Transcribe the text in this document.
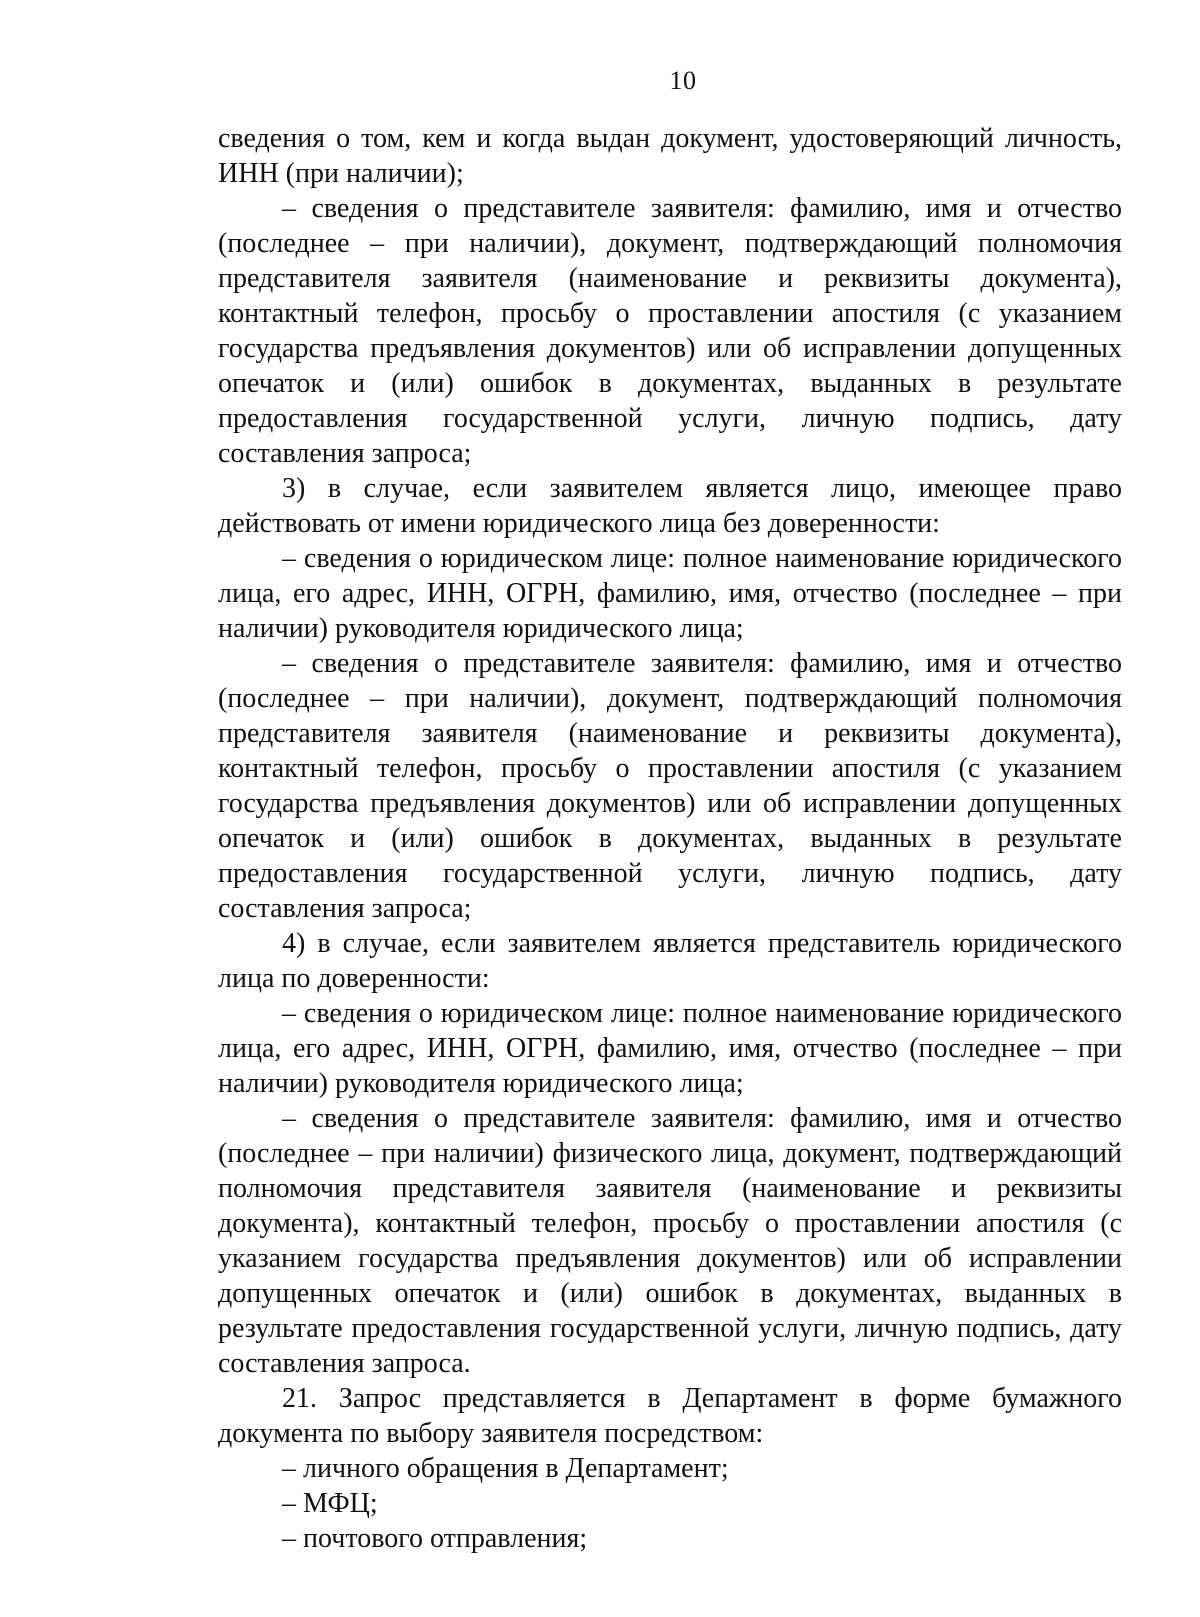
10

сведения о том, кем и когда выдан документ, удостоверяющий личность, ИНН (при наличии);

– сведения о представителе заявителя: фамилию, имя и отчество (последнее – при наличии), документ, подтверждающий полномочия представителя заявителя (наименование и реквизиты документа), контактный телефон, просьбу о проставлении апостиля (с указанием государства предъявления документов) или об исправлении допущенных опечаток и (или) ошибок в документах, выданных в результате предоставления государственной услуги, личную подпись, дату составления запроса;

3) в случае, если заявителем является лицо, имеющее право действовать от имени юридического лица без доверенности:

– сведения о юридическом лице: полное наименование юридического лица, его адрес, ИНН, ОГРН, фамилию, имя, отчество (последнее – при наличии) руководителя юридического лица;

– сведения о представителе заявителя: фамилию, имя и отчество (последнее – при наличии), документ, подтверждающий полномочия представителя заявителя (наименование и реквизиты документа), контактный телефон, просьбу о проставлении апостиля (с указанием государства предъявления документов) или об исправлении допущенных опечаток и (или) ошибок в документах, выданных в результате предоставления государственной услуги, личную подпись, дату составления запроса;

4) в случае, если заявителем является представитель юридического лица по доверенности:

– сведения о юридическом лице: полное наименование юридического лица, его адрес, ИНН, ОГРН, фамилию, имя, отчество (последнее – при наличии) руководителя юридического лица;

– сведения о представителе заявителя: фамилию, имя и отчество (последнее – при наличии) физического лица, документ, подтверждающий полномочия представителя заявителя (наименование и реквизиты документа), контактный телефон, просьбу о проставлении апостиля (с указанием государства предъявления документов) или об исправлении допущенных опечаток и (или) ошибок в документах, выданных в результате предоставления государственной услуги, личную подпись, дату составления запроса.

21. Запрос представляется в Департамент в форме бумажного документа по выбору заявителя посредством:

– личного обращения в Департамент;

– МФЦ;

– почтового отправления;
